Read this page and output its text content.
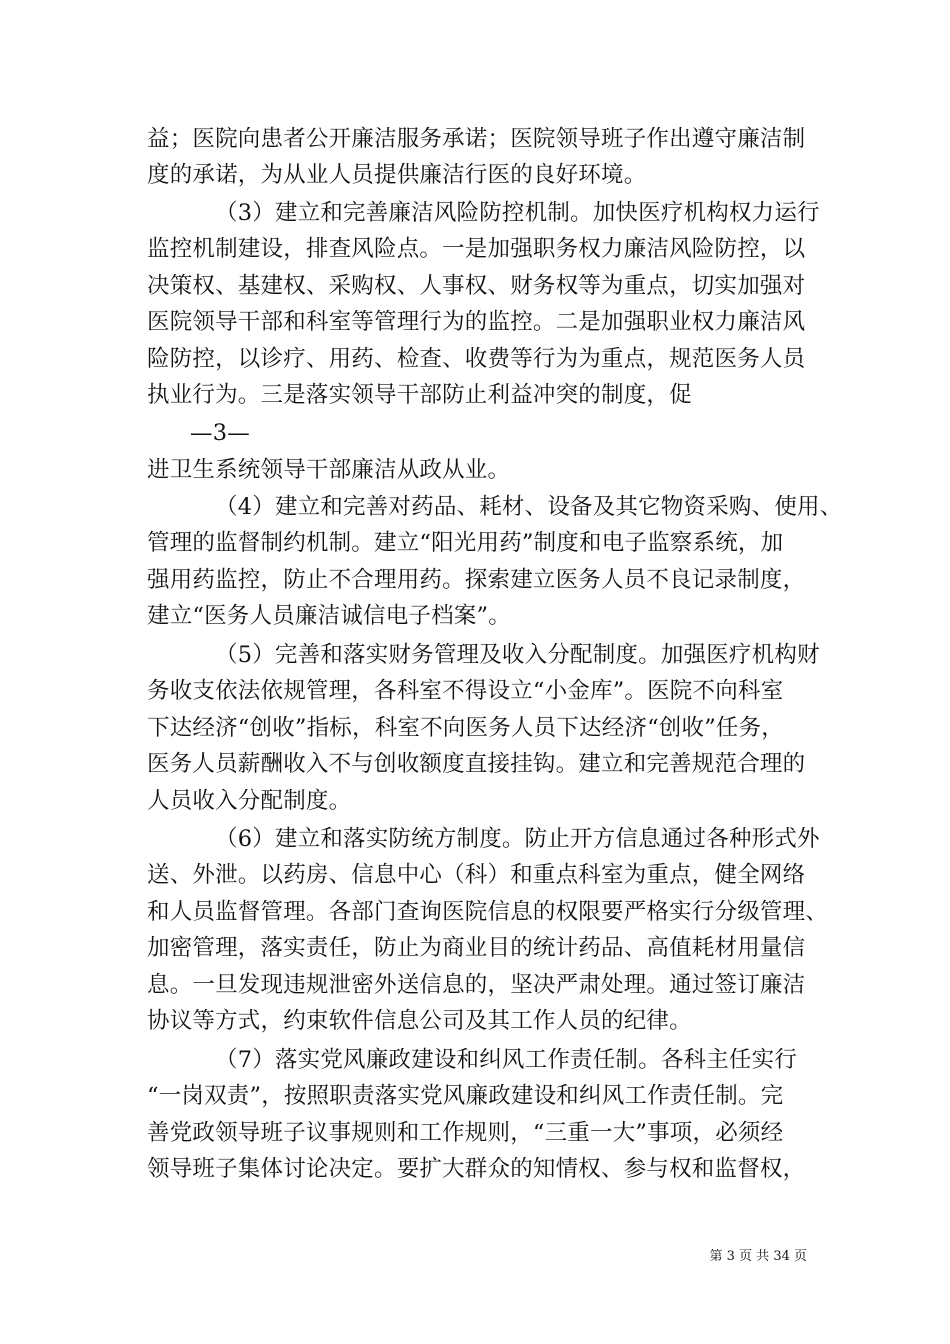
益；医院向患者公开廉洁服务承诺；医院领导班子作出遵守廉洁制
度的承诺，为从业人员提供廉洁行医的良好环境。
（3）建立和完善廉洁风险防控机制。加快医疗机构权力运行
监控机制建设，排查风险点。一是加强职务权力廉洁风险防控，以
决策权、基建权、采购权、人事权、财务权等为重点，切实加强对
医院领导干部和科室等管理行为的监控。二是加强职业权力廉洁风
险防控，以诊疗、用药、检查、收费等行为为重点，规范医务人员
执业行为。三是落实领导干部防止利益冲突的制度，促
—3—
进卫生系统领导干部廉洁从政从业。
（4）建立和完善对药品、耗材、设备及其它物资采购、使用、
管理的监督制约机制。建立“阳光用药”制度和电子监察系统，加
强用药监控，防止不合理用药。探索建立医务人员不良记录制度，
建立“医务人员廉洁诚信电子档案”。
（5）完善和落实财务管理及收入分配制度。加强医疗机构财
务收支依法依规管理，各科室不得设立“小金库”。医院不向科室
下达经济“创收”指标，科室不向医务人员下达经济“创收”任务，
医务人员薪酬收入不与创收额度直接挂钩。建立和完善规范合理的
人员收入分配制度。
（6）建立和落实防统方制度。防止开方信息通过各种形式外
送、外泄。以药房、信息中心（科）和重点科室为重点，健全网络
和人员监督管理。各部门查询医院信息的权限要严格实行分级管理、
加密管理，落实责任，防止为商业目的统计药品、高值耗材用量信
息。一旦发现违规泄密外送信息的，坚决严肃处理。通过签订廉洁
协议等方式，约束软件信息公司及其工作人员的纪律。
（7）落实党风廉政建设和纠风工作责任制。各科主任实行
“一岗双责”，按照职责落实党风廉政建设和纠风工作责任制。完
善党政领导班子议事规则和工作规则，“三重一大”事项，必须经
领导班子集体讨论决定。要扩大群众的知情权、参与权和监督权，
第 3 页 共 34 页
